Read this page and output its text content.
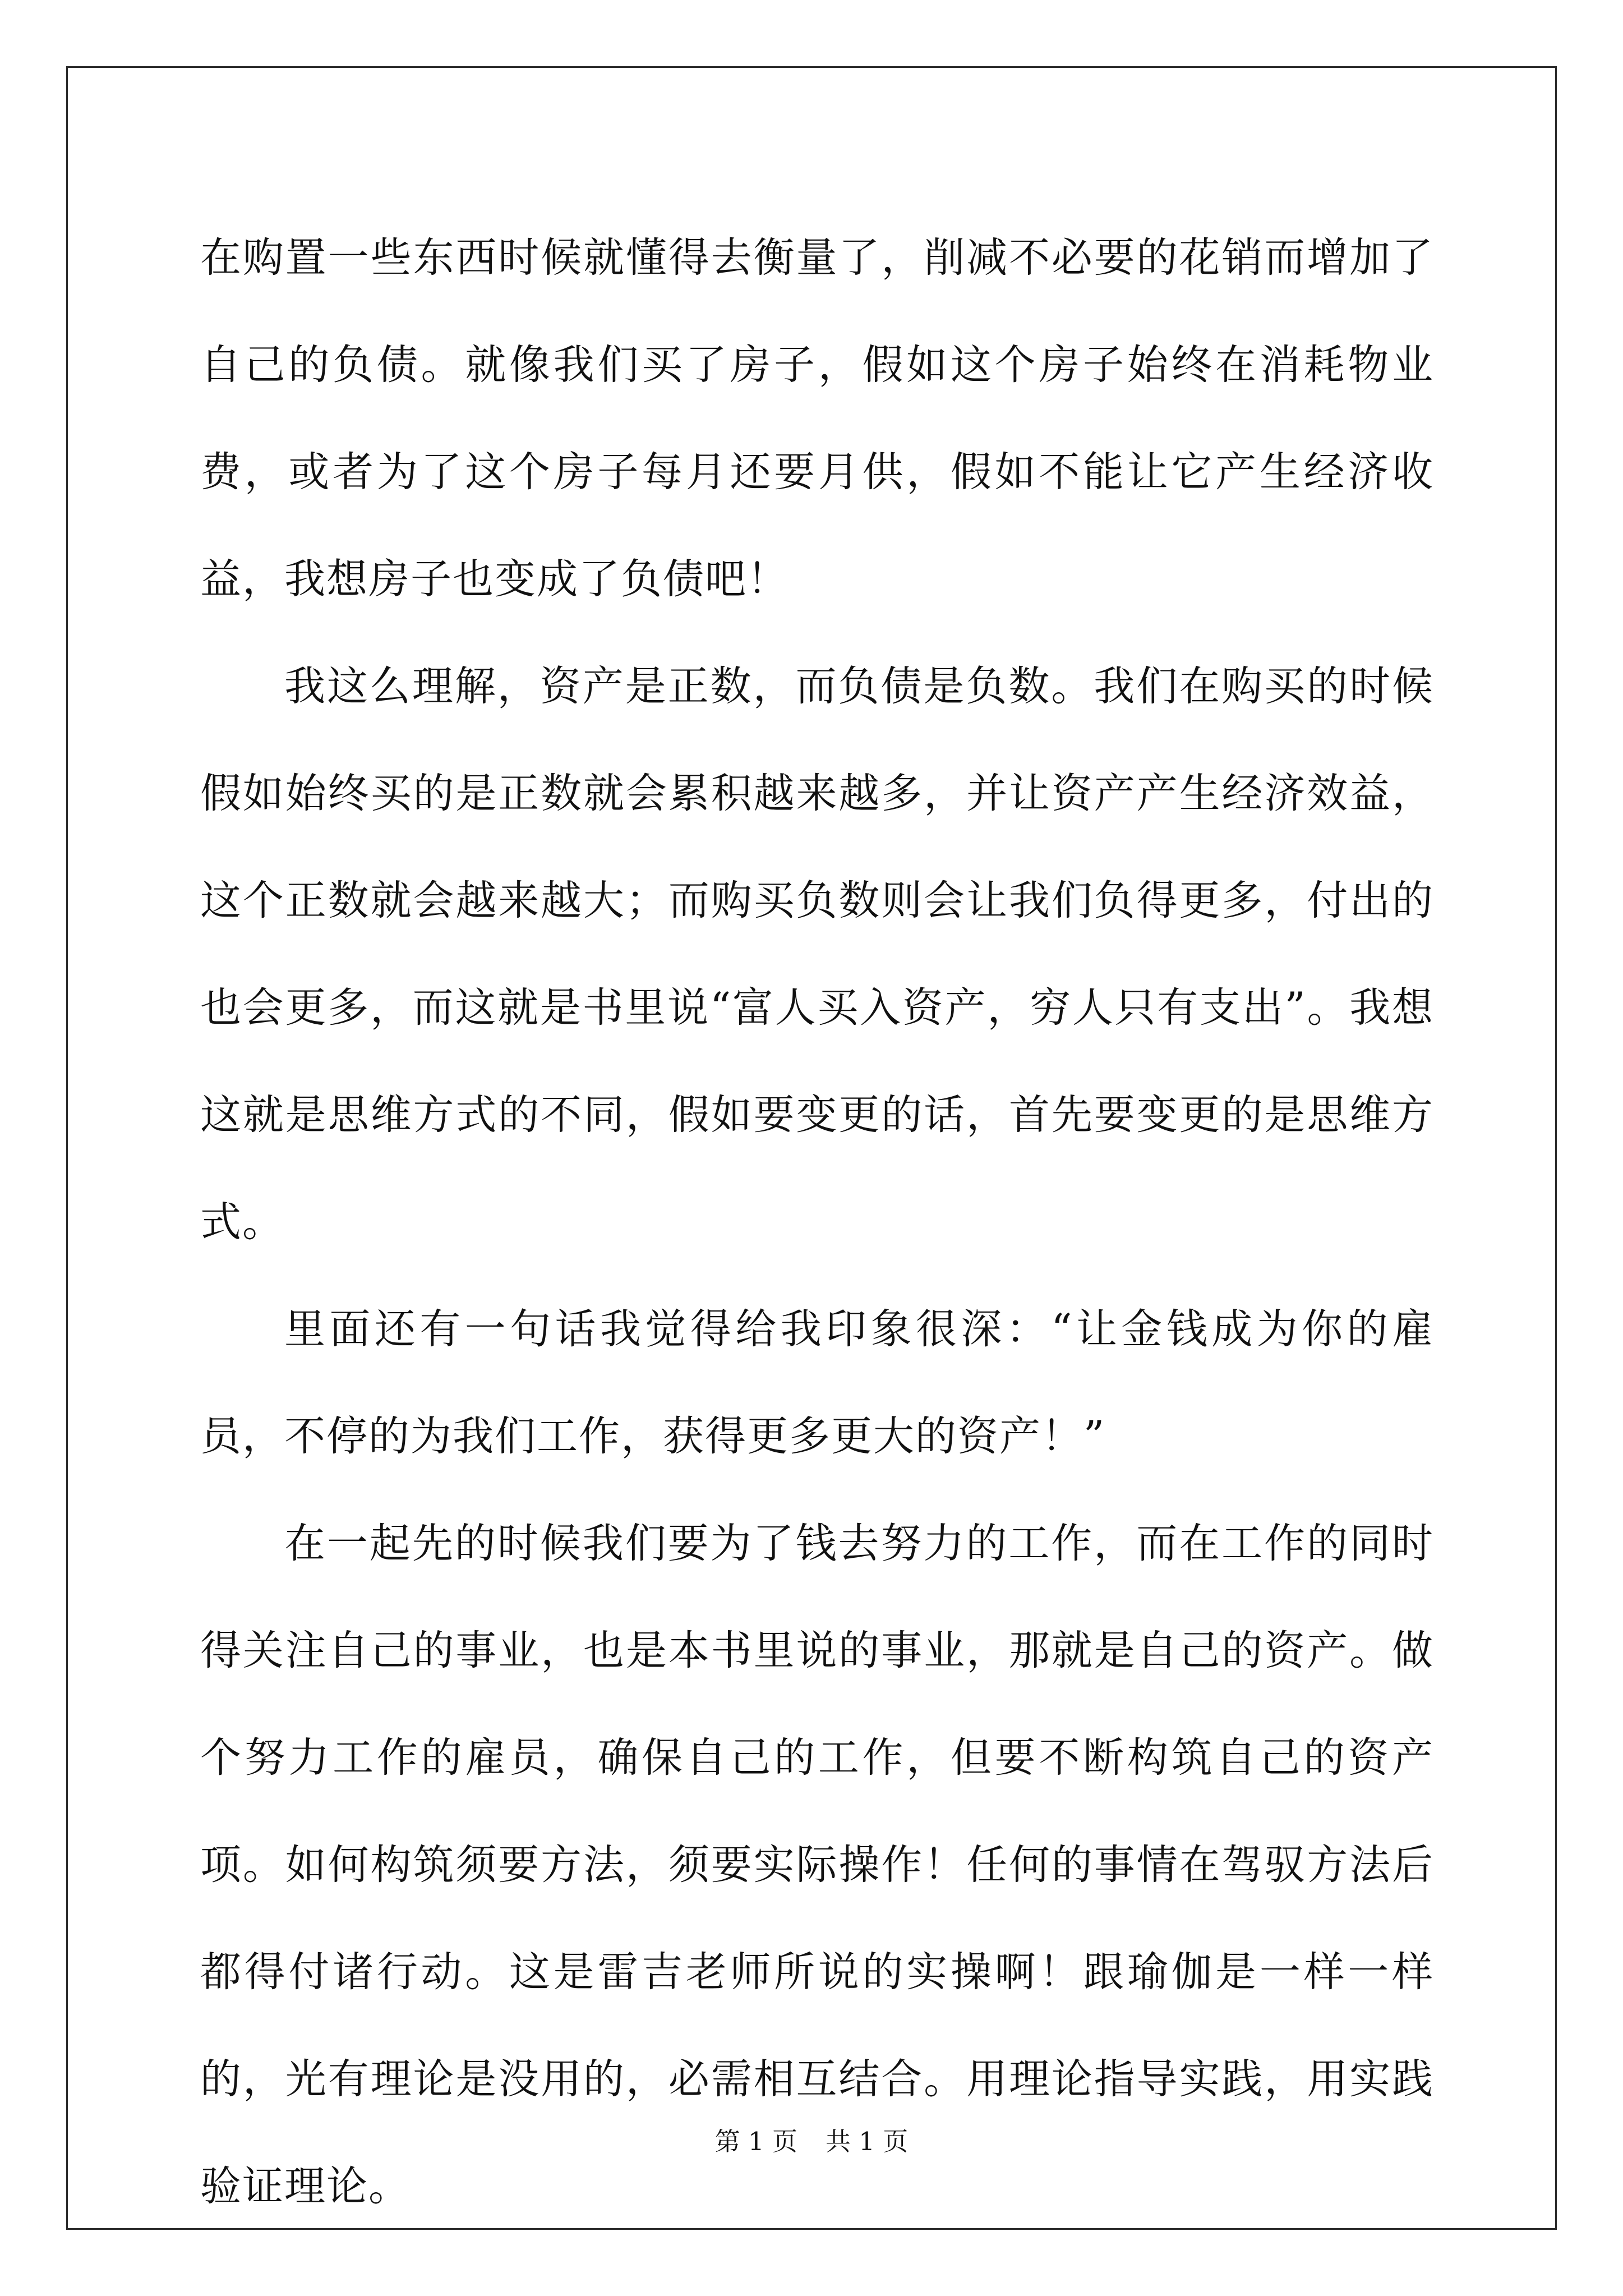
在购置一些东西时候就懂得去衡量了，削减不必要的花销而增加了自己的负债。就像我们买了房子，假如这个房子始终在消耗物业费，或者为了这个房子每月还要月供，假如不能让它产生经济收益，我想房子也变成了负债吧！

我这么理解，资产是正数，而负债是负数。我们在购买的时候假如始终买的是正数就会累积越来越多，并让资产产生经济效益，这个正数就会越来越大；而购买负数则会让我们负得更多，付出的也会更多，而这就是书里说“富人买入资产，穷人只有支出”。我想这就是思维方式的不同，假如要变更的话，首先要变更的是思维方式。

里面还有一句话我觉得给我印象很深：“让金钱成为你的雇员，不停的为我们工作，获得更多更大的资产！”

在一起先的时候我们要为了钱去努力的工作，而在工作的同时得关注自己的事业，也是本书里说的事业，那就是自己的资产。做个努力工作的雇员，确保自己的工作，但要不断构筑自己的资产项。如何构筑须要方法，须要实际操作！任何的事情在驾驭方法后都得付诸行动。这是雷吉老师所说的实操啊！跟瑜伽是一样一样的，光有理论是没用的，必需相互结合。用理论指导实践，用实践验证理论。

第 1 页 共 1 页
